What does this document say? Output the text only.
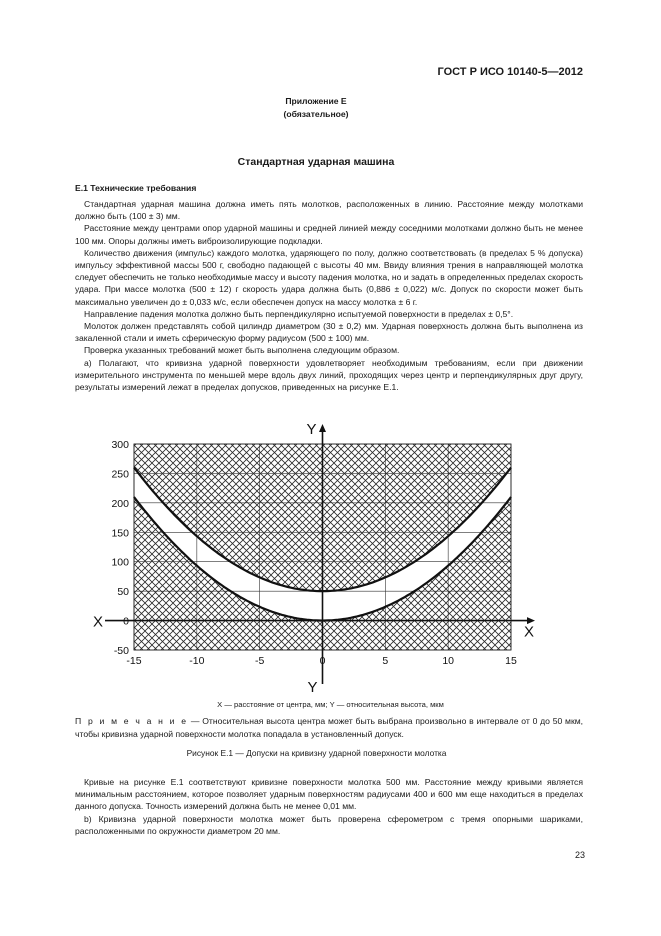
ГОСТ Р ИСО 10140-5—2012
Приложение Е
(обязательное)
Стандартная ударная машина
Е.1 Технические требования

Стандартная ударная машина должна иметь пять молотков, расположенных в линию. Расстояние между молотками должно быть (100 ± 3) мм.

Расстояние между центрами опор ударной машины и средней линией между соседними молотками должно быть не менее 100 мм. Опоры должны иметь виброизолирующие подкладки.

Количество движения (импульс) каждого молотка, ударяющего по полу, должно соответствовать (в пределах 5 % допуска) импульсу эффективной массы 500 г, свободно падающей с высоты 40 мм. Ввиду влияния трения в направляющей молотка следует обеспечить не только необходимые массу и высоту падения молотка, но и задать в определенных пределах скорость удара. При массе молотка (500 ± 12) г скорость удара должна быть (0,886 ± 0,022) м/с. Допуск по скорости может быть максимально увеличен до ± 0,033 м/с, если обеспечен допуск на массу молотка ± 6 г.

Направление падения молотка должно быть перпендикулярно испытуемой поверхности в пределах ± 0,5°.

Молоток должен представлять собой цилиндр диаметром (30 ± 0,2) мм. Ударная поверхность должна быть выполнена из закаленной стали и иметь сферическую форму радиусом (500 ± 100) мм.

Проверка указанных требований может быть выполнена следующим образом.

а) Полагают, что кривизна ударной поверхности удовлетворяет необходимым требованиям, если при движении измерительного инструмента по меньшей мере вдоль двух линий, проходящих через центр и перпендикулярных друг другу, результаты измерений лежат в пределах допусков, приведенных на рисунке Е.1.

300
250
200
150
100
50
0
-50
-15	-10	-5	0	5	10	15
X
X
Y
Y
X — расстояние от центра, мм; Y — относительная высота, мкм
П р и м е ч а н и е — Относительная высота центра может быть выбрана произвольно в интервале от 0 до 50 мкм, чтобы кривизна ударной поверхности молотка попадала в установленный допуск.
Рисунок Е.1 — Допуски на кривизну ударной поверхности молотка

Кривые на рисунке Е.1 соответствуют кривизне поверхности молотка 500 мм. Расстояние между кривыми является минимальным расстоянием, которое позволяет ударным поверхностям радиусами 400 и 600 мм еще находиться в пределах данного допуска. Точность измерений должна быть не менее 0,01 мм.

b) Кривизна ударной поверхности молотка может быть проверена сферометром с тремя опорными шариками, расположенными по окружности диаметром 20 мм.

23
